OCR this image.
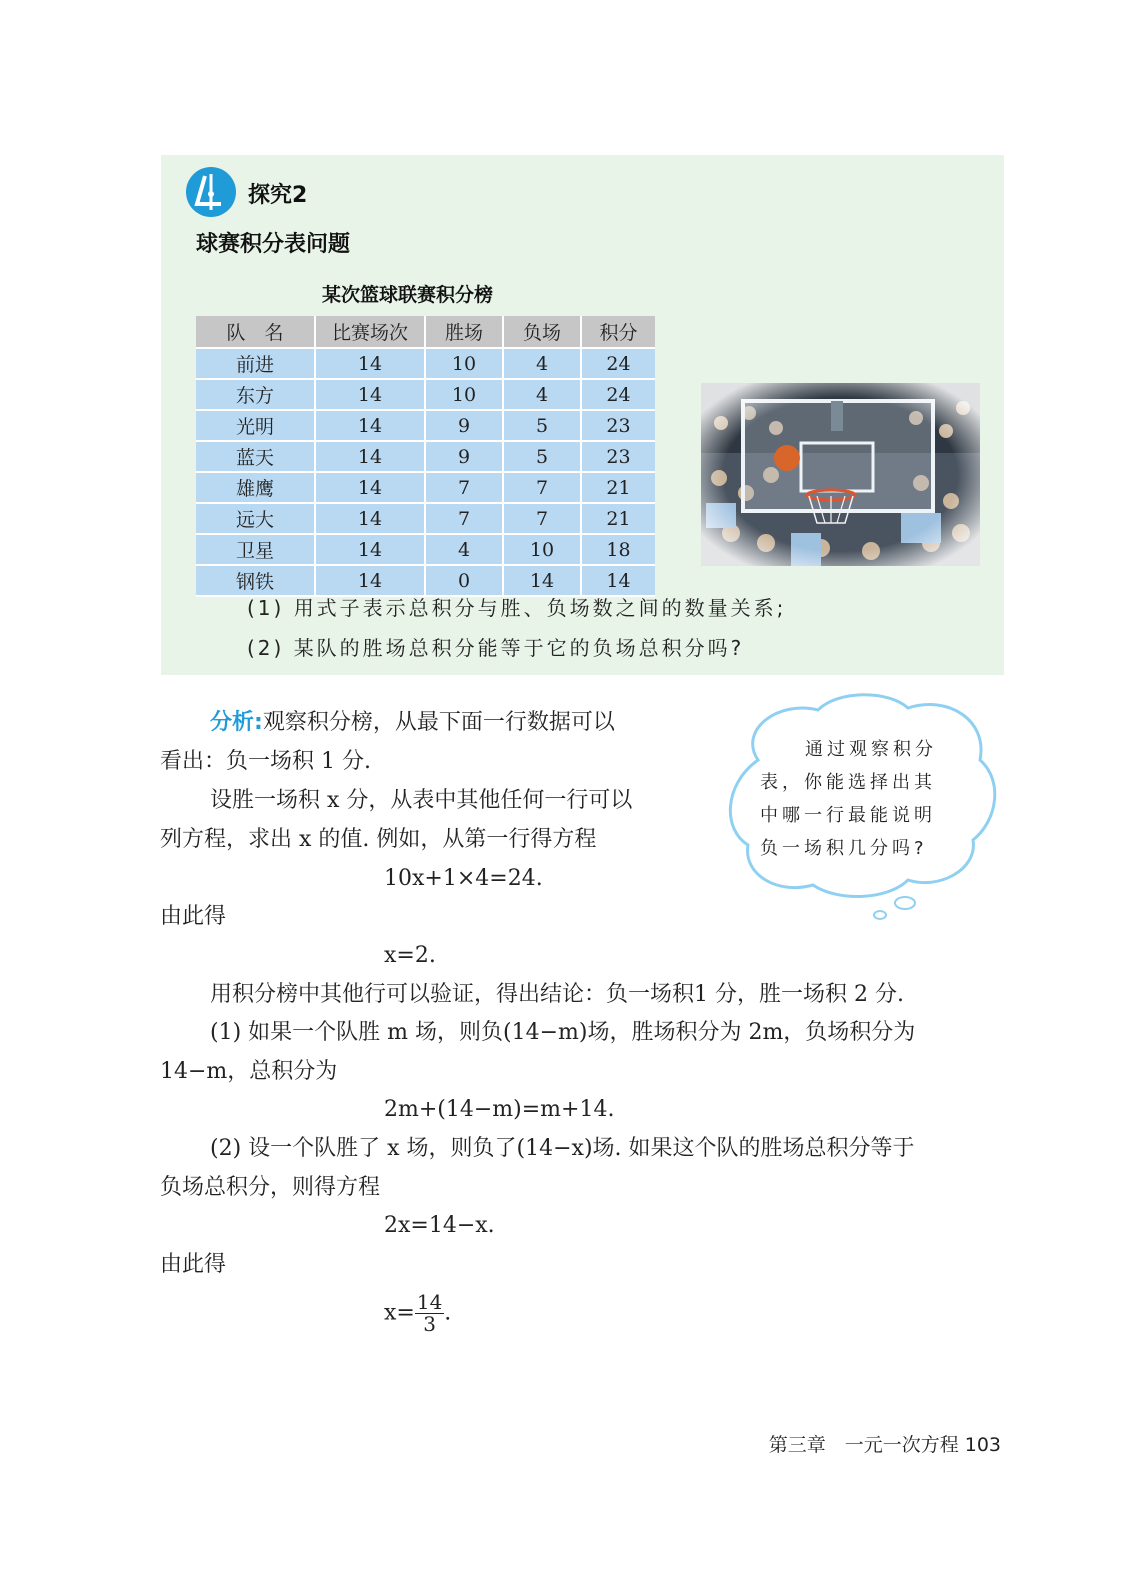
探究2
球赛积分表问题
某次篮球联赛积分榜
队　名	比赛场次	胜场	负场	积分
前进	14	10	4	24
东方	14	10	4	24
光明	14	9	5	23
蓝天	14	9	5	23
雄鹰	14	7	7	21
远大	14	7	7	21
卫星	14	4	10	18
钢铁	14	0	14	14
(1) 用式子表示总积分与胜、负场数之间的数量关系;
(2) 某队的胜场总积分能等于它的负场总积分吗?
通过观察积分
表，你能选择出其
中哪一行最能说明
负一场积几分吗?
分析:观察积分榜，从最下面一行数据可以
看出：负一场积 1 分.
设胜一场积 x 分，从表中其他任何一行可以
列方程，求出 x 的值. 例如，从第一行得方程
10x+1×4=24.
由此得
x=2.
用积分榜中其他行可以验证，得出结论：负一场积1 分，胜一场积 2 分.
(1) 如果一个队胜 m 场，则负(14−m)场，胜场积分为 2m，负场积分为
14−m，总积分为
2m+(14−m)=m+14.
(2) 设一个队胜了 x 场，则负了(14−x)场. 如果这个队的胜场总积分等于
负场总积分，则得方程
2x=14−x.
由此得
$x= \frac{14}{3}$ .
第三章　一元一次方程 103
